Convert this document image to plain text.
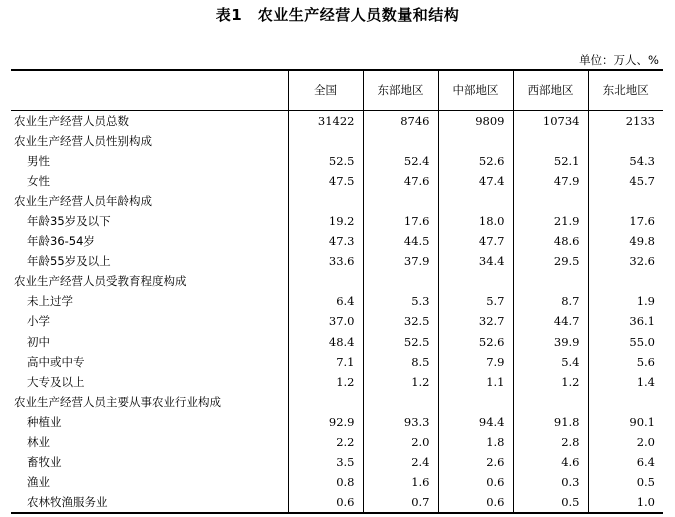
表1　农业生产经营人员数量和结构
单位：万人、%
	全国	东部地区	中部地区	西部地区	东北地区
农业生产经营人员总数	31422	8746	9809	10734	2133
农业生产经营人员性别构成					
男性	52.5	52.4	52.6	52.1	54.3
女性	47.5	47.6	47.4	47.9	45.7
农业生产经营人员年龄构成					
年龄35岁及以下	19.2	17.6	18.0	21.9	17.6
年龄36-54岁	47.3	44.5	47.7	48.6	49.8
年龄55岁及以上	33.6	37.9	34.4	29.5	32.6
农业生产经营人员受教育程度构成					
未上过学	6.4	5.3	5.7	8.7	1.9
小学	37.0	32.5	32.7	44.7	36.1
初中	48.4	52.5	52.6	39.9	55.0
高中或中专	7.1	8.5	7.9	5.4	5.6
大专及以上	1.2	1.2	1.1	1.2	1.4
农业生产经营人员主要从事农业行业构成					
种植业	92.9	93.3	94.4	91.8	90.1
林业	2.2	2.0	1.8	2.8	2.0
畜牧业	3.5	2.4	2.6	4.6	6.4
渔业	0.8	1.6	0.6	0.3	0.5
农林牧渔服务业	0.6	0.7	0.6	0.5	1.0
